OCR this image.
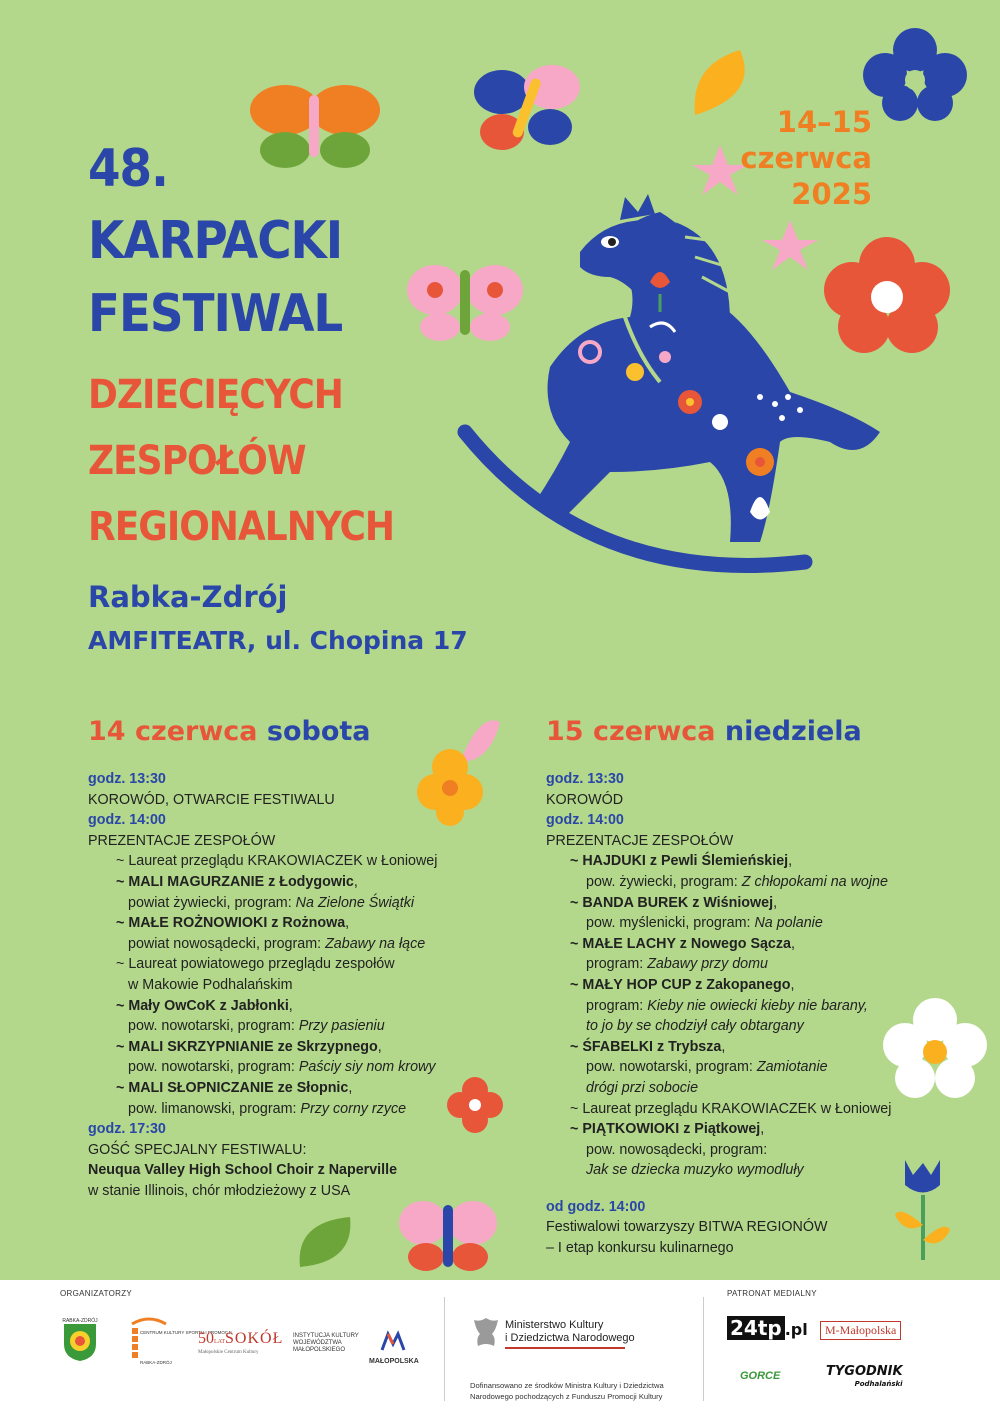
48.
KARPACKI
FESTIWAL
DZIECIĘCYCH
ZESPOŁÓW
REGIONALNYCH
14–15
czerwca
2025
Rabka-Zdrój
AMFITEATR, ul. Chopina 17
14 czerwca sobota	15 czerwca niedziela
godz. 13:30
KOROWÓD, OTWARCIE FESTIWALU
godz. 14:00
PREZENTACJE ZESPOŁÓW
~ Laureat przeglądu KRAKOWIACZEK w Łoniowej
~ MALI MAGURZANIE z Łodygowic,
powiat żywiecki, program: Na Zielone Świątki
~ MAŁE ROŻNOWIOKI z Rożnowa,
powiat nowosądecki, program: Zabawy na łące
~ Laureat powiatowego przeglądu zespołów
w Makowie Podhalańskim
~ Mały OwCoK z Jabłonki,
pow. nowotarski, program: Przy pasieniu
~ MALI SKRZYPNIANIE ze Skrzypnego,
pow. nowotarski, program: Paściy siy nom krowy
~ MALI SŁOPNICZANIE ze Słopnic,
pow. limanowski, program: Przy corny rzyce
godz. 17:30
GOŚĆ SPECJALNY FESTIWALU:
Neuqua Valley High School Choir z Naperville
w stanie Illinois, chór młodzieżowy z USA
godz. 13:30
KOROWÓD
godz. 14:00
PREZENTACJE ZESPOŁÓW
~ HAJDUKI z Pewli Ślemieńskiej,
pow. żywiecki, program: Z chłopokami na wojne
~ BANDA BUREK z Wiśniowej,
pow. myślenicki, program: Na polanie
~ MAŁE LACHY z Nowego Sącza,
program: Zabawy przy domu
~ MAŁY HOP CUP z Zakopanego,
program: Kieby nie owiecki kieby nie barany,
to jo by se chodziył cały obtargany
~ ŚFABELKI z Trybsza,
pow. nowotarski, program: Zamiotanie
drógi przi sobocie
~ Laureat przeglądu KRAKOWIACZEK w Łoniowej
~ PIĄTKOWIOKI z Piątkowej,
pow. nowosądecki, program:
Jak se dziecka muzyko wymodluły
od godz. 14:00
Festiwalowi towarzyszy BITWA REGIONÓW
– I etap konkursu kulinarnego
ORGANIZATORZY	PATRONAT MEDIALNY
RABKA-ZDRÓJ
CENTRUM KULTURY SPORTU I PROMOCJI
RABKA-ZDRÓJ
50LATSOKÓŁ
Małopolskie Centrum Kultury
INSTYTUCJA KULTURY
WOJEWÓDZTWA
MAŁOPOLSKIEGO
MAŁOPOLSKA
Ministerstwo Kultury
i Dziedzictwa Narodowego
Dofinansowano ze środków Ministra Kultury i Dziedzictwa
Narodowego pochodzących z Funduszu Promocji Kultury
24tp .pl	M-Małopolska
GORCE	TYGODNIK
Podhalański
